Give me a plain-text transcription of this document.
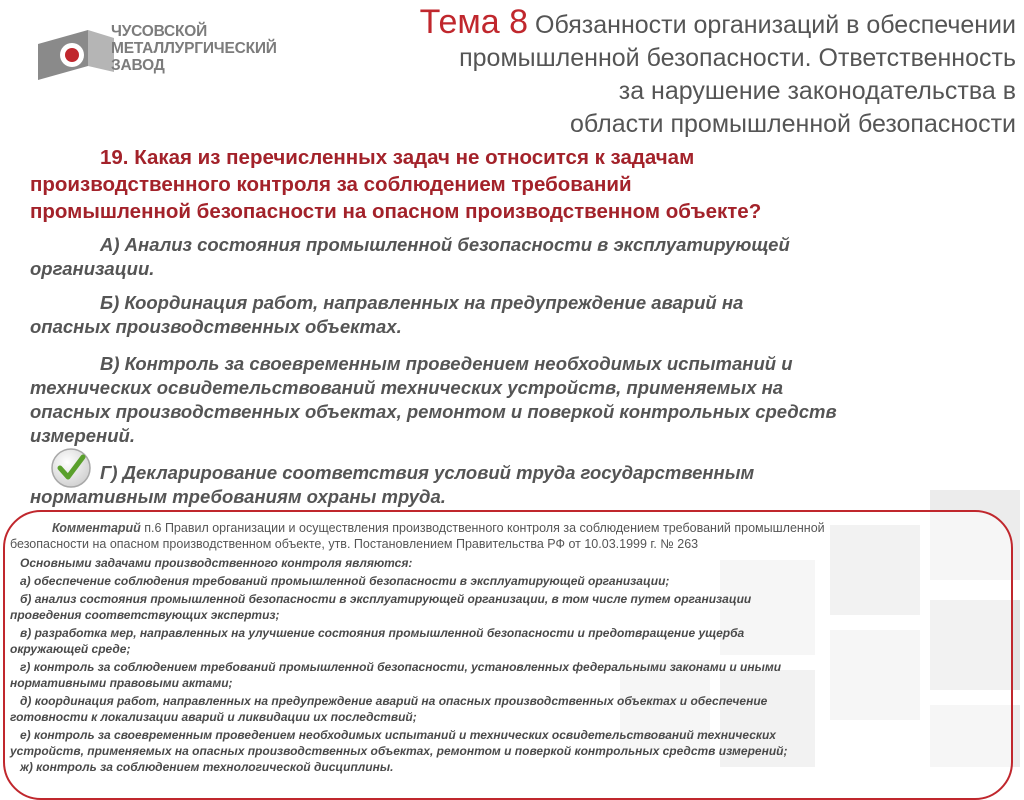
ЧУСОВСКОЙ
МЕТАЛЛУРГИЧЕСКИЙ
ЗАВОД
Тема 8 Обязанности организаций в обеспечении
промышленной безопасности. Ответственность
за нарушение законодательства в
области промышленной безопасности
19. Какая из перечисленных задач не относится к задачам
производственного контроля за соблюдением требований
промышленной безопасности на опасном производственном объекте?
А) Анализ состояния промышленной безопасности в эксплуатирующей
организации.
Б) Координация работ, направленных на предупреждение аварий на
опасных производственных объектах.
В) Контроль за своевременным проведением необходимых испытаний и
технических освидетельствований технических устройств, применяемых на
опасных производственных объектах, ремонтом и поверкой контрольных средств
измерений.
Г) Декларирование соответствия условий труда государственным
нормативным требованиям охраны труда.
Комментарий п.6 Правил организации и осуществления производственного контроля за соблюдением требований промышленной
безопасности на опасном производственном объекте, утв. Постановлением Правительства РФ от 10.03.1999 г. № 263
Основными задачами производственного контроля являются:
а) обеспечение соблюдения требований промышленной безопасности в эксплуатирующей организации;
б) анализ состояния промышленной безопасности в эксплуатирующей организации, в том числе путем организации
проведения соответствующих экспертиз;
в) разработка мер, направленных на улучшение состояния промышленной безопасности и предотвращение ущерба
окружающей среде;
г) контроль за соблюдением требований промышленной безопасности, установленных федеральными законами и иными
нормативными правовыми актами;
д) координация работ, направленных на предупреждение аварий на опасных производственных объектах и обеспечение
готовности к локализации аварий и ликвидации их последствий;
е) контроль за своевременным проведением необходимых испытаний и технических освидетельствований технических
устройств, применяемых на опасных производственных объектах, ремонтом и поверкой контрольных средств измерений;
ж) контроль за соблюдением технологической дисциплины.
